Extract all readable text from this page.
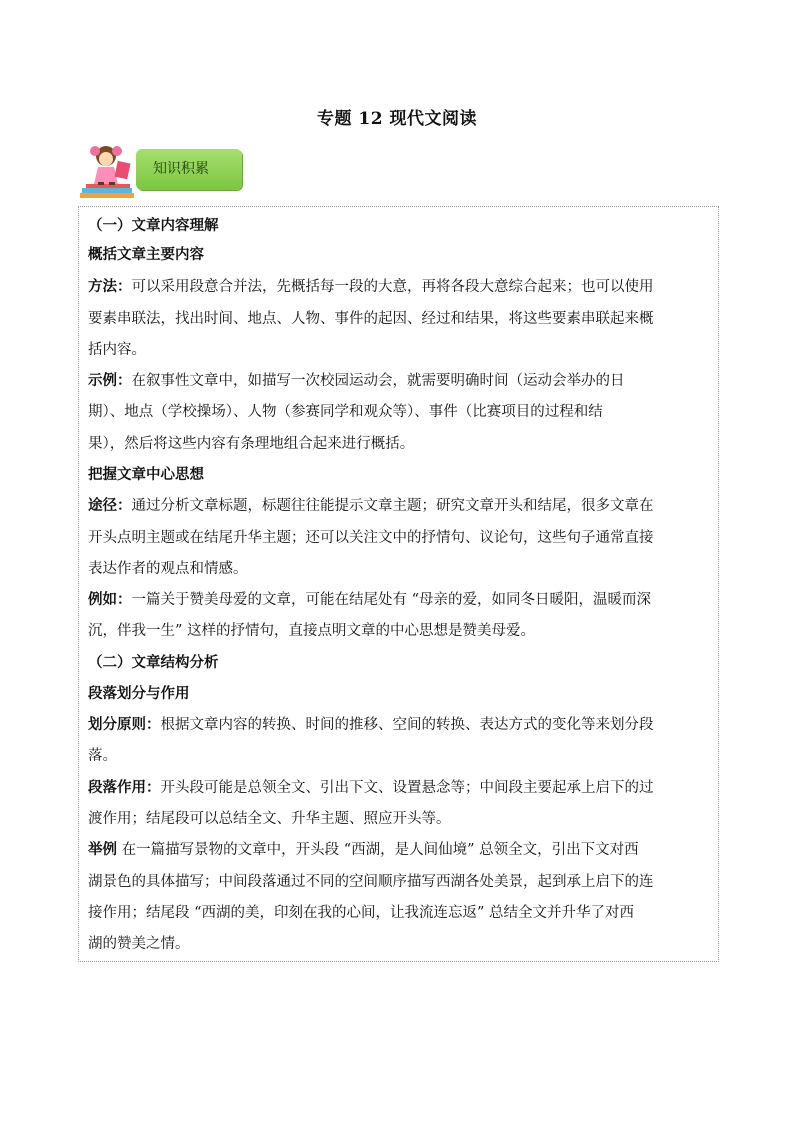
专题 12 现代文阅读
知识积累
（一）文章内容理解
概括文章主要内容
方法：可以采用段意合并法，先概括每一段的大意，再将各段大意综合起来；也可以使用
要素串联法，找出时间、地点、人物、事件的起因、经过和结果，将这些要素串联起来概
括内容。
示例：在叙事性文章中，如描写一次校园运动会，就需要明确时间（运动会举办的日
期）、地点（学校操场）、人物（参赛同学和观众等）、事件（比赛项目的过程和结
果），然后将这些内容有条理地组合起来进行概括。
把握文章中心思想
途径：通过分析文章标题，标题往往能提示文章主题；研究文章开头和结尾，很多文章在
开头点明主题或在结尾升华主题；还可以关注文中的抒情句、议论句，这些句子通常直接
表达作者的观点和情感。
例如：一篇关于赞美母爱的文章，可能在结尾处有 “母亲的爱，如同冬日暖阳，温暖而深
沉，伴我一生” 这样的抒情句，直接点明文章的中心思想是赞美母爱。
（二）文章结构分析
段落划分与作用
划分原则：根据文章内容的转换、时间的推移、空间的转换、表达方式的变化等来划分段
落。
段落作用：开头段可能是总领全文、引出下文、设置悬念等；中间段主要起承上启下的过
渡作用；结尾段可以总结全文、升华主题、照应开头等。
举例 在一篇描写景物的文章中，开头段 “西湖，是人间仙境” 总领全文，引出下文对西
湖景色的具体描写；中间段落通过不同的空间顺序描写西湖各处美景，起到承上启下的连
接作用；结尾段 “西湖的美，印刻在我的心间，让我流连忘返” 总结全文并升华了对西
湖的赞美之情。
